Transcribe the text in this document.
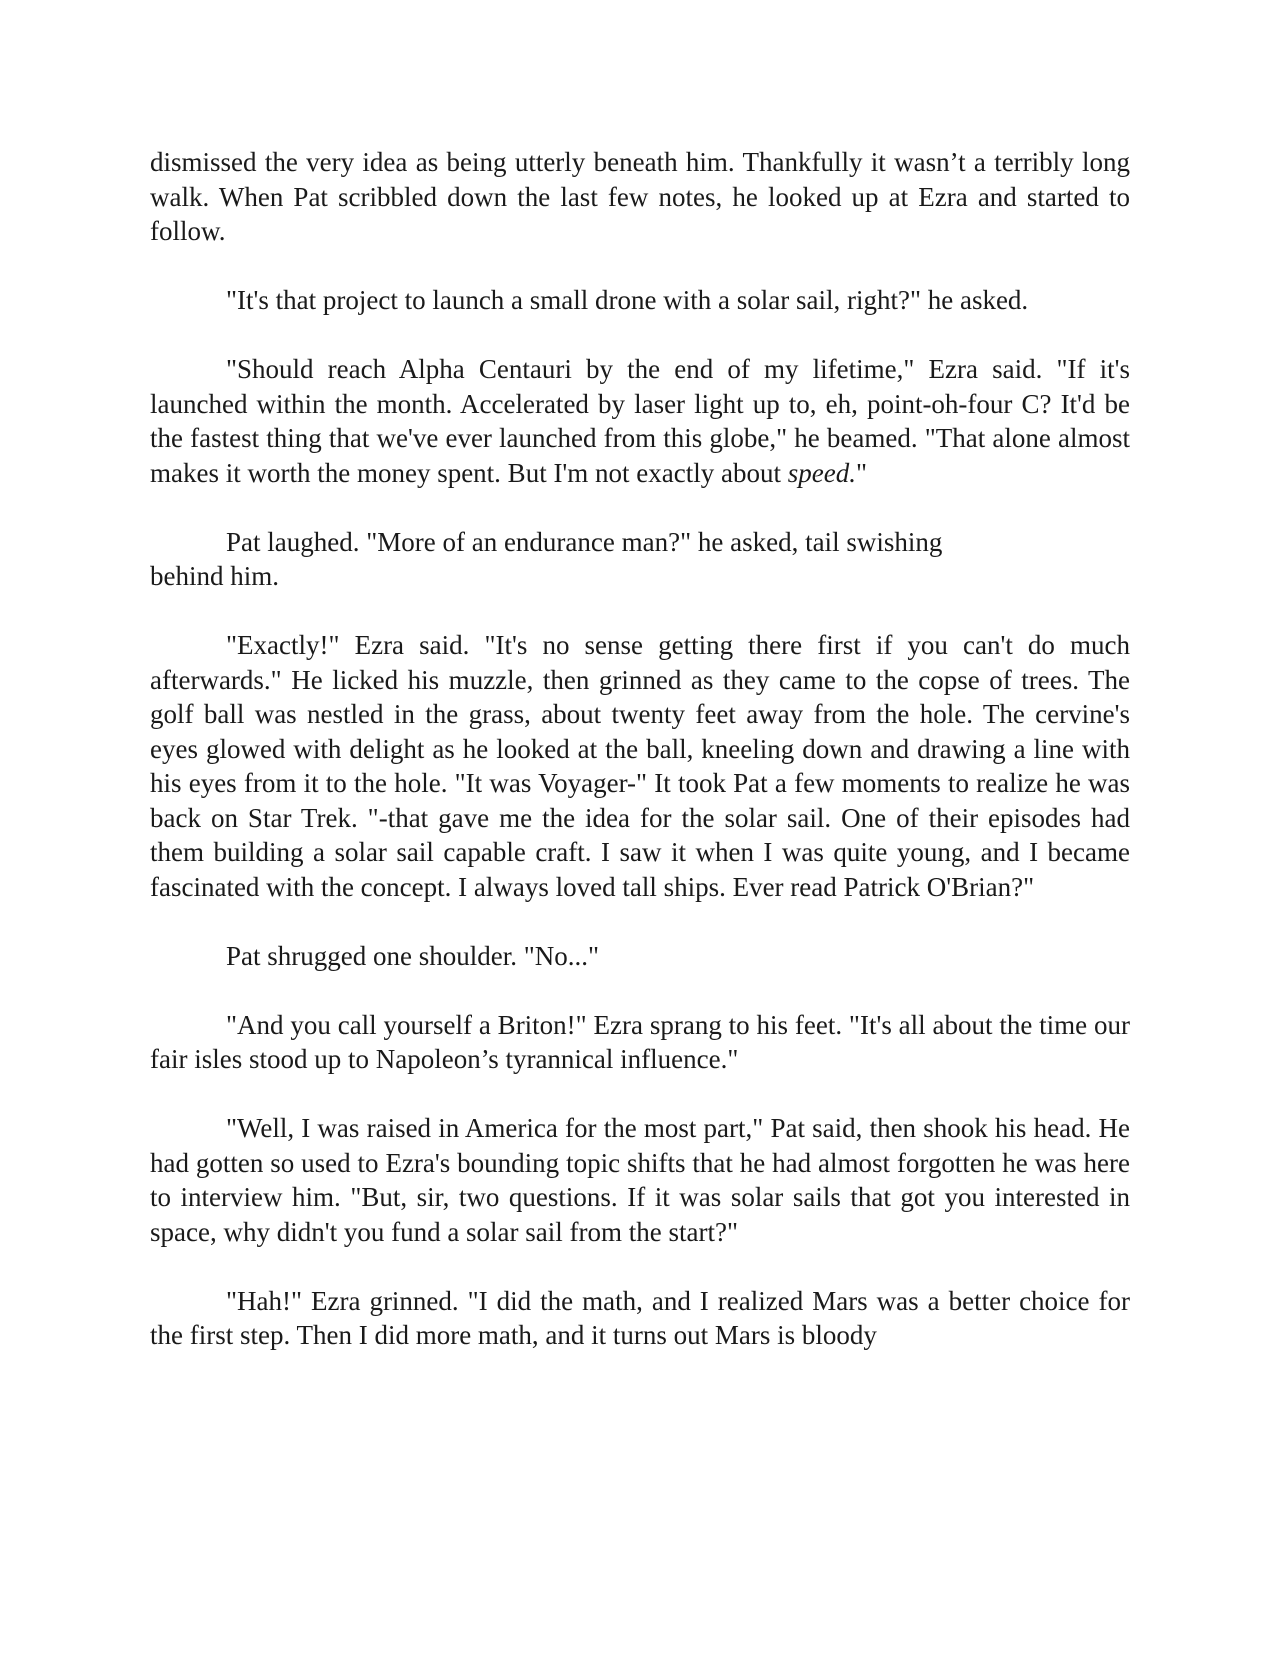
dismissed the very idea as being utterly beneath him. Thankfully it wasn’t a terribly long walk. When Pat scribbled down the last few notes, he looked up at Ezra and started to follow.

"It's that project to launch a small drone with a solar sail, right?" he asked.

"Should reach Alpha Centauri by the end of my lifetime," Ezra said. "If it's launched within the month. Accelerated by laser light up to, eh, point-oh-four C? It'd be the fastest thing that we've ever launched from this globe," he beamed. "That alone almost makes it worth the money spent. But I'm not exactly about speed."

Pat laughed. "More of an endurance man?" he asked, tail swishing behind him.

"Exactly!" Ezra said. "It's no sense getting there first if you can't do much afterwards." He licked his muzzle, then grinned as they came to the copse of trees. The golf ball was nestled in the grass, about twenty feet away from the hole. The cervine's eyes glowed with delight as he looked at the ball, kneeling down and drawing a line with his eyes from it to the hole. "It was Voyager-" It took Pat a few moments to realize he was back on Star Trek. "-that gave me the idea for the solar sail. One of their episodes had them building a solar sail capable craft. I saw it when I was quite young, and I became fascinated with the concept. I always loved tall ships. Ever read Patrick O'Brian?"

Pat shrugged one shoulder. "No..."

"And you call yourself a Briton!" Ezra sprang to his feet. "It's all about the time our fair isles stood up to Napoleon’s tyrannical influence."

"Well, I was raised in America for the most part," Pat said, then shook his head. He had gotten so used to Ezra's bounding topic shifts that he had almost forgotten he was here to interview him. "But, sir, two questions. If it was solar sails that got you interested in space, why didn't you fund a solar sail from the start?"

"Hah!" Ezra grinned. "I did the math, and I realized Mars was a better choice for the first step. Then I did more math, and it turns out Mars is bloody
